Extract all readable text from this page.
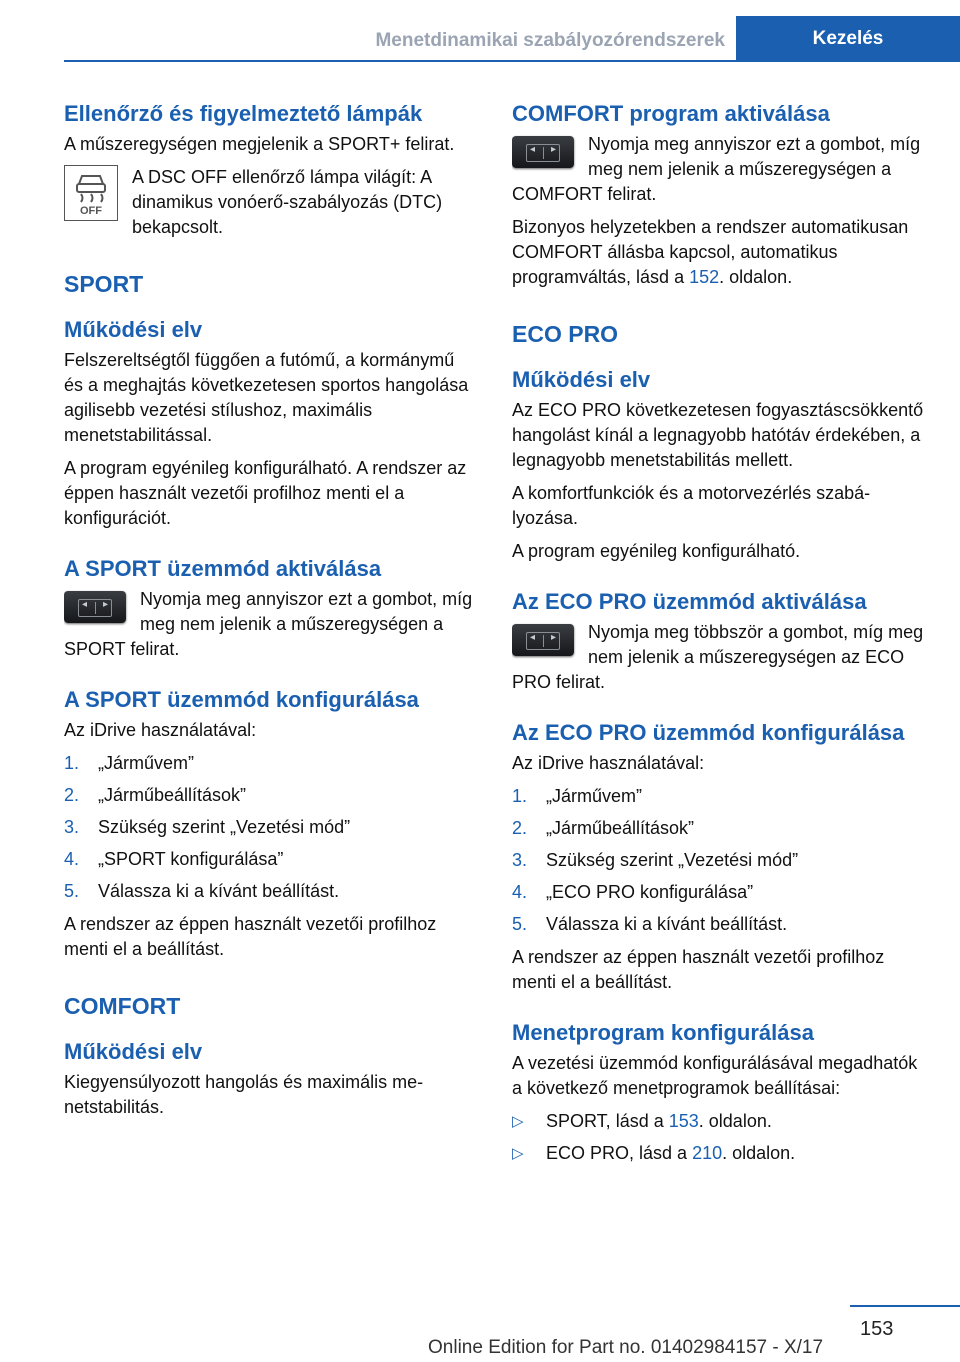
Menetdinamikai szabályozórendszerek	Kezelés
Ellenőrző és figyelmeztető lámpák

A műszeregységen megjelenik a SPORT+ felirat.

OFF
A DSC OFF ellenőrző lámpa világít: A dinamikus vonóerő-szabályozás (DTC) bekapcsolt.
SPORT
Működési elv

Felszereltségtől függően a futómű, a kormánymű és a meghajtás következetesen sportos hangolása agilisebb vezetési stílushoz, maximális menetstabilitással.

A program egyénileg konfigurálható. A rendszer az éppen használt vezetői profilhoz menti el a konfigurációt.

A SPORT üzemmód aktiválása
◂ ▸	Nyomja meg annyiszor ezt a gombot, míg meg nem jelenik a műszeregységen a SPORT felirat.

A SPORT üzemmód konfigurálása

Az iDrive használatával:

1.	„Járművem”
2.	„Járműbeállítások”
3.	Szükség szerint „Vezetési mód”
4.	„SPORT konfigurálása”
5.	Válassza ki a kívánt beállítást.

A rendszer az éppen használt vezetői profilhoz menti el a beállítást.

COMFORT
Működési elv

Kiegyensúlyozott hangolás és maximális menetstabilitás.

COMFORT program aktiválása
◂ ▸	Nyomja meg annyiszor ezt a gombot, míg meg nem jelenik a műszeregységen a COMFORT felirat.

Bizonyos helyzetekben a rendszer automatikusan COMFORT állásba kapcsol, automatikus programváltás, lásd a 152. oldalon.

ECO PRO
Működési elv

Az ECO PRO következetesen fogyasztáscsökkentő hangolást kínál a legnagyobb hatótáv érdekében, a legnagyobb menetstabilitás mellett.

A komfortfunkciók és a motorvezérlés szabályozása.

A program egyénileg konfigurálható.

Az ECO PRO üzemmód aktiválása
◂ ▸	Nyomja meg többször a gombot, míg meg nem jelenik a műszeregységen az ECO PRO felirat.

Az ECO PRO üzemmód konfigurálása

Az iDrive használatával:

1.	„Járművem”
2.	„Járműbeállítások”
3.	Szükség szerint „Vezetési mód”
4.	„ECO PRO konfigurálása”
5.	Válassza ki a kívánt beállítást.

A rendszer az éppen használt vezetői profilhoz menti el a beállítást.

Menetprogram konfigurálása

A vezetési üzemmód konfigurálásával megadhatók a következő menetprogramok beállításai:

▷	SPORT, lásd a 153. oldalon.
▷	ECO PRO, lásd a 210. oldalon.
153
Online Edition for Part no. 01402984157 - X/17
